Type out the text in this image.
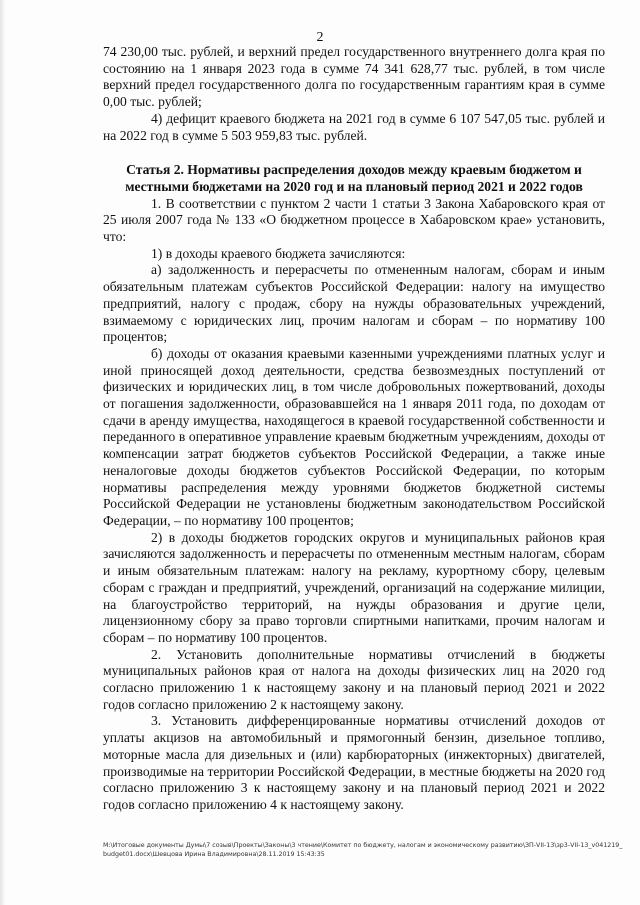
2

74 230,00 тыс. рублей, и верхний предел государственного внутреннего долга края по состоянию на 1 января 2023 года в сумме 74 341 628,77 тыс. рублей, в том числе верхний предел государственного долга по государственным гарантиям края в сумме 0,00 тыс. рублей;

4) дефицит краевого бюджета на 2021 год в сумме 6 107 547,05 тыс. рублей и на 2022 год в сумме 5 503 959,83 тыс. рублей.

Статья 2. Нормативы распределения доходов между краевым бюджетом и местными бюджетами на 2020 год и на плановый период 2021 и 2022 годов

1. В соответствии с пунктом 2 части 1 статьи 3 Закона Хабаровского края от 25 июля 2007 года № 133 «О бюджетном процессе в Хабаровском крае» установить, что:

1) в доходы краевого бюджета зачисляются:

а) задолженность и перерасчеты по отмененным налогам, сборам и иным обязательным платежам субъектов Российской Федерации: налогу на имущество предприятий, налогу с продаж, сбору на нужды образовательных учреждений, взимаемому с юридических лиц, прочим налогам и сборам – по нормативу 100 процентов;

б) доходы от оказания краевыми казенными учреждениями платных услуг и иной приносящей доход деятельности, средства безвозмездных поступлений от физических и юридических лиц, в том числе добровольных пожертвований, доходы от погашения задолженности, образовавшейся на 1 января 2011 года, по доходам от сдачи в аренду имущества, находящегося в краевой государственной собственности и переданного в оперативное управление краевым бюджетным учреждениям, доходы от компенсации затрат бюджетов субъектов Российской Федерации, а также иные неналоговые доходы бюджетов субъектов Российской Федерации, по которым нормативы распределения между уровнями бюджетов бюджетной системы Российской Федерации не установлены бюджетным законодательством Российской Федерации, – по нормативу 100 процентов;

2) в доходы бюджетов городских округов и муниципальных районов края зачисляются задолженность и перерасчеты по отмененным местным налогам, сборам и иным обязательным платежам: налогу на рекламу, курортному сбору, целевым сборам с граждан и предприятий, учреждений, организаций на содержание милиции, на благоустройство территорий, на нужды образования и другие цели, лицензионному сбору за право торговли спиртными напитками, прочим налогам и сборам – по нормативу 100 процентов.

2. Установить дополнительные нормативы отчислений в бюджеты муниципальных районов края от налога на доходы физических лиц на 2020 год согласно приложению 1 к настоящему закону и на плановый период 2021 и 2022 годов согласно приложению 2 к настоящему закону.

3. Установить дифференцированные нормативы отчислений доходов от уплаты акцизов на автомобильный и прямогонный бензин, дизельное топливо, моторные масла для дизельных и (или) карбюраторных (инжекторных) двигателей, производимые на территории Российской Федерации, в местные бюджеты на 2020 год согласно приложению 3 к настоящему закону и на плановый период 2021 и 2022 годов согласно приложению 4 к настоящему закону.

M:\Итоговые документы Думы\7 созыв\Проекты\Законы\3 чтение\Комитет по бюджету, налогам и экономическому развитию\ЗП-VII-13\зр3-VII-13_v041219_budget01.docx\Шевцова Ирина Владимировна\28.11.2019 15:43:35
